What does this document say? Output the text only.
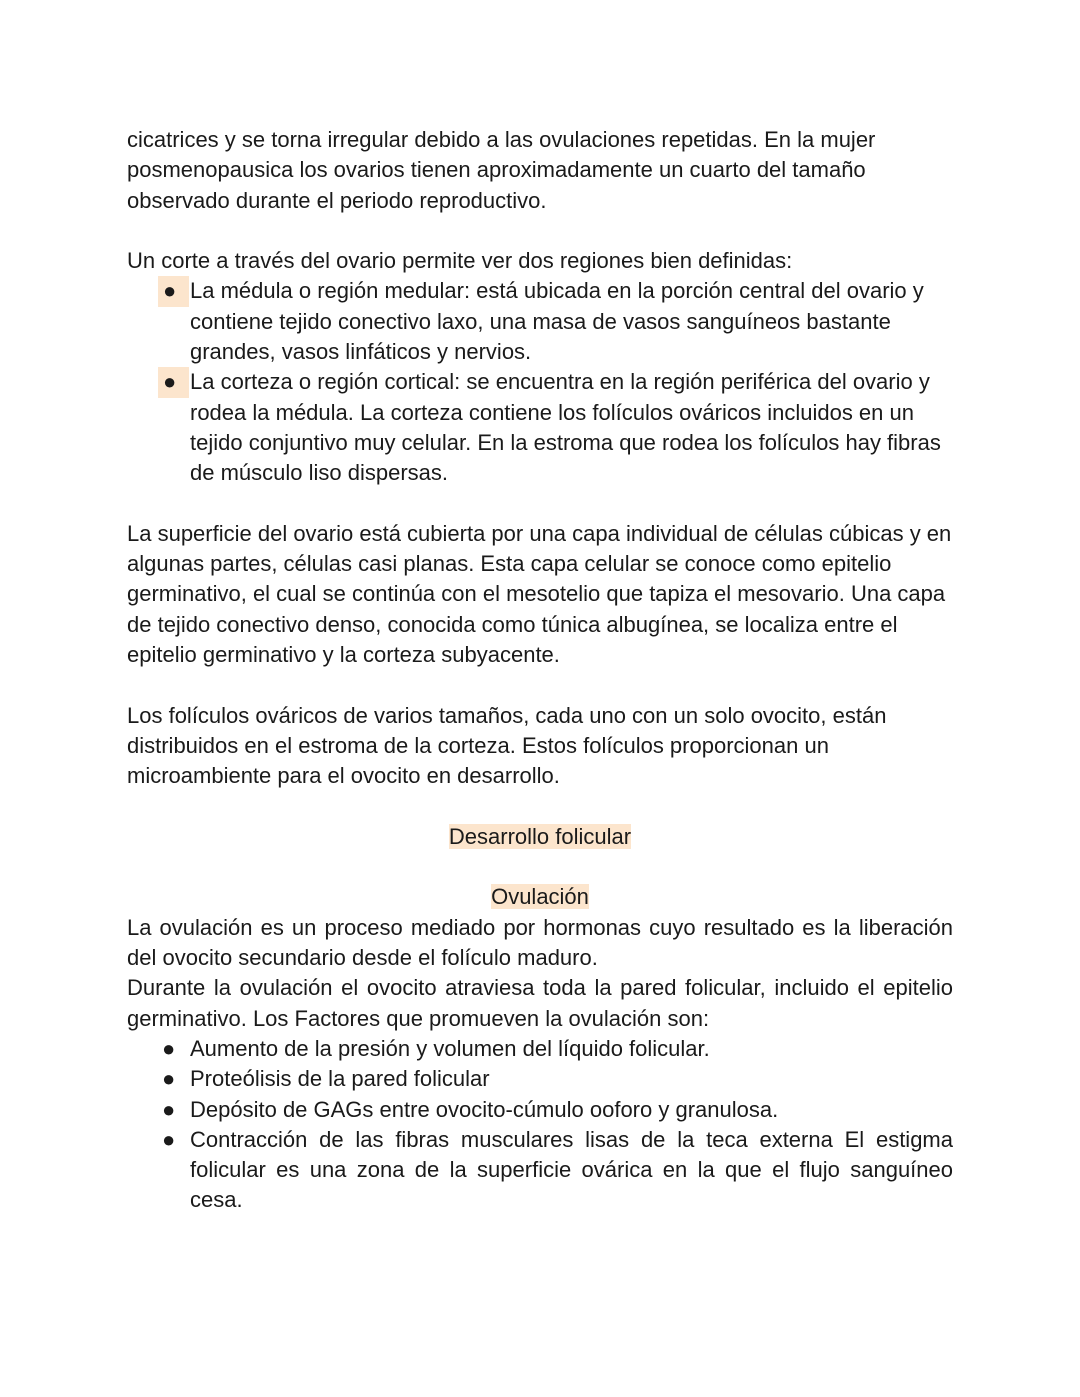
cicatrices y se torna irregular debido a las ovulaciones repetidas. En la mujer posmenopausica los ovarios tienen aproximadamente un cuarto del tamaño observado durante el periodo reproductivo.

Un corte a través del ovario permite ver dos regiones bien definidas:

● La médula o región medular: está ubicada en la porción central del ovario y contiene tejido conectivo laxo, una masa de vasos sanguíneos bastante grandes, vasos linfáticos y nervios.
● La corteza o región cortical: se encuentra en la región periférica del ovario y rodea la médula. La corteza contiene los folículos ováricos incluidos en un tejido conjuntivo muy celular. En la estroma que rodea los folículos hay fibras de músculo liso dispersas.

La superficie del ovario está cubierta por una capa individual de células cúbicas y en algunas partes, células casi planas. Esta capa celular se conoce como epitelio germinativo, el cual se continúa con el mesotelio que tapiza el mesovario. Una capa de tejido conectivo denso, conocida como túnica albugínea, se localiza entre el epitelio germinativo y la corteza subyacente.

Los folículos ováricos de varios tamaños, cada uno con un solo ovocito, están distribuidos en el estroma de la corteza. Estos folículos proporcionan un microambiente para el ovocito en desarrollo.

Desarrollo folicular

Ovulación

La ovulación es un proceso mediado por hormonas cuyo resultado es la liberación del ovocito secundario desde el folículo maduro.

Durante la ovulación el ovocito atraviesa toda la pared folicular, incluido el epitelio germinativo. Los Factores que promueven la ovulación son:

● Aumento de la presión y volumen del líquido folicular.
● Proteólisis de la pared folicular
● Depósito de GAGs entre ovocito-cúmulo ooforo y granulosa.
● Contracción de las fibras musculares lisas de la teca externa El estigma folicular es una zona de la superficie ovárica en la que el flujo sanguíneo cesa.
